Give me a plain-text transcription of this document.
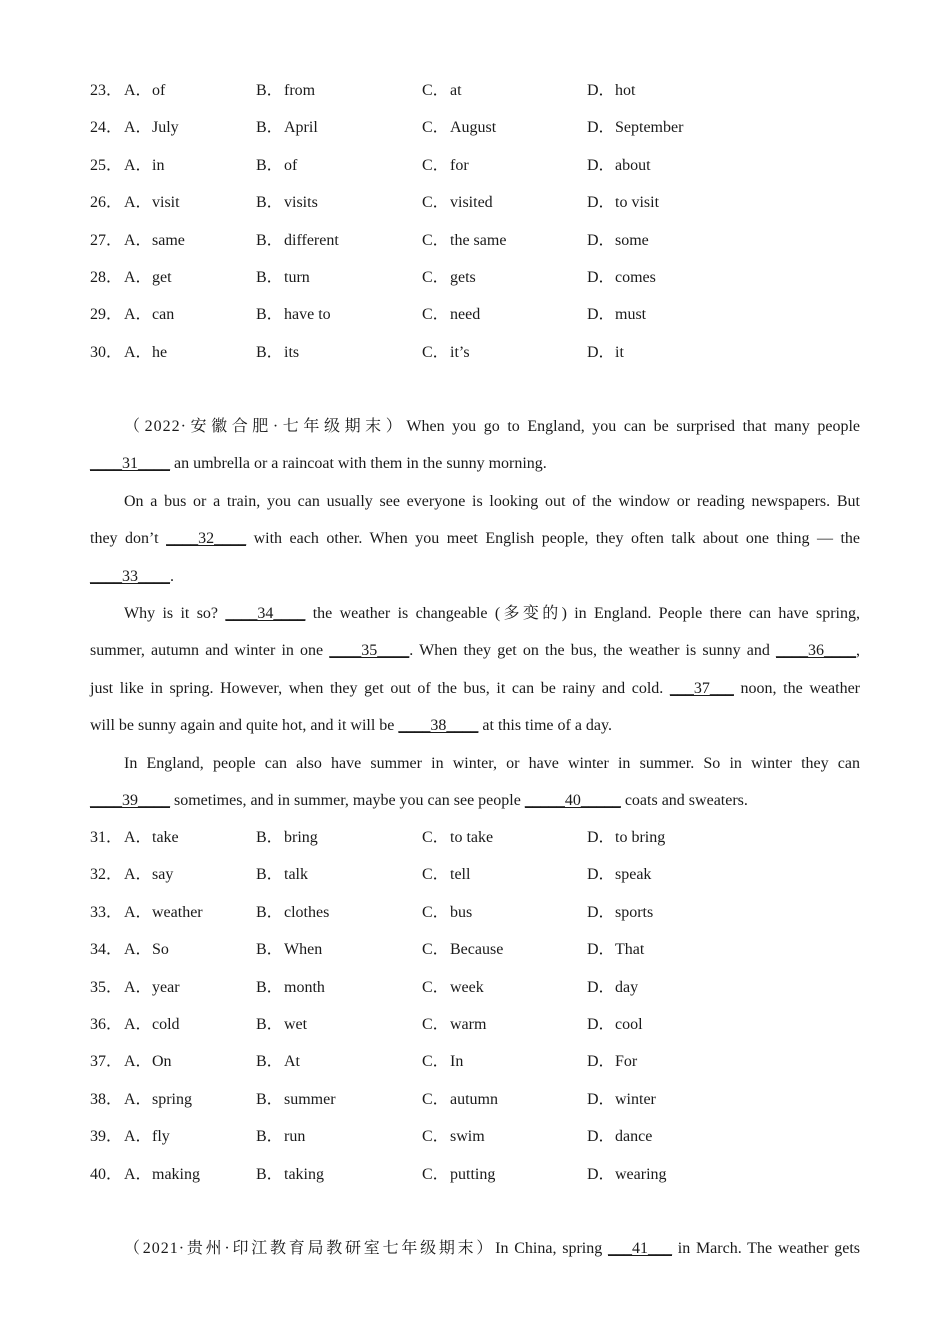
23． A．of	B．from	C．at	D．hot
24． A．July	B．April	C．August	D．September
25． A．in	B．of	C．for	D．about
26． A．visit	B．visits	C．visited	D．to visit
27． A．same	B．different	C．the same	D．some
28． A．get	B．turn	C．gets	D．comes
29． A．can	B．have to	C．need	D．must
30． A．he	B．its	C．it’s	D．it
（2022·安徽合肥·七年级期末）When you go to England, you can be surprised that many people
____31____ an umbrella or a raincoat with them in the sunny morning.
On a bus or a train, you can usually see everyone is looking out of the window or reading newspapers. But
they don’t ____32____ with each other. When you meet English people, they often talk about one thing — the
____33____.
Why is it so? ____34____ the weather is changeable (多变的) in England. People there can have spring,
summer, autumn and winter in one ____35____. When they get on the bus, the weather is sunny and ____36____,
just like in spring. However, when they get out of the bus, it can be rainy and cold. ___37___ noon, the weather
will be sunny again and quite hot, and it will be ____38____ at this time of a day.
In England, people can also have summer in winter, or have winter in summer. So in winter they can
____39____ sometimes, and in summer, maybe you can see people _____40_____ coats and sweaters.
31． A．take	B．bring	C．to take	D．to bring
32． A．say	B．talk	C．tell	D．speak
33． A．weather	B．clothes	C．bus	D．sports
34． A．So	B．When	C．Because	D．That
35． A．year	B．month	C．week	D．day
36． A．cold	B．wet	C．warm	D．cool
37． A．On	B．At	C．In	D．For
38． A．spring	B．summer	C．autumn	D．winter
39． A．fly	B．run	C．swim	D．dance
40． A．making	B．taking	C．putting	D．wearing
（2021·贵州·印江教育局教研室七年级期末）In China, spring ___41___ in March. The weather gets
